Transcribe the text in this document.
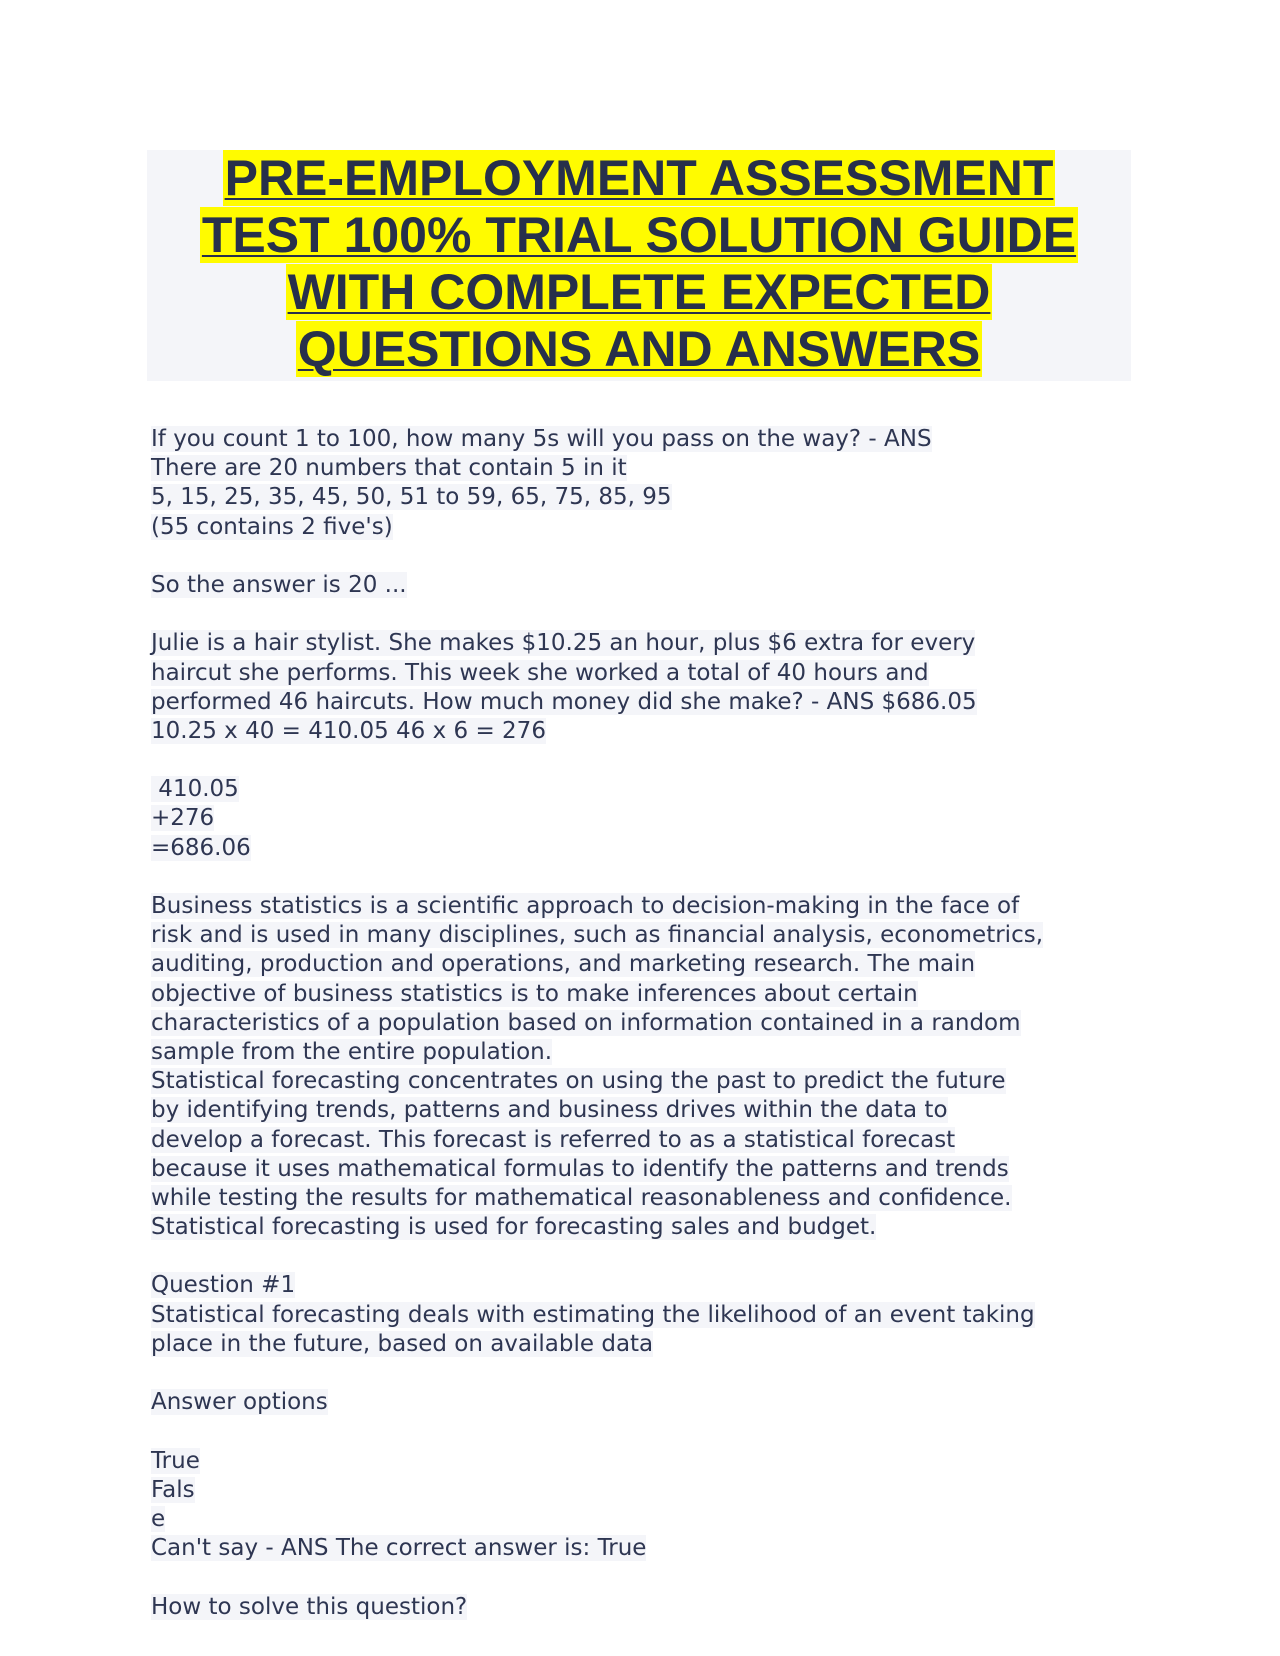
PRE-EMPLOYMENT ASSESSMENT
TEST 100% TRIAL SOLUTION GUIDE
WITH COMPLETE EXPECTED
QUESTIONS AND ANSWERS
If you count 1 to 100, how many 5s will you pass on the way? - ANS
There are 20 numbers that contain 5 in it
5, 15, 25, 35, 45, 50, 51 to 59, 65, 75, 85, 95
(55 contains 2 five's)
So the answer is 20 ...
Julie is a hair stylist. She makes $10.25 an hour, plus $6 extra for every
haircut she performs. This week she worked a total of 40 hours and
performed 46 haircuts. How much money did she make? - ANS $686.05
10.25 x 40 = 410.05 46 x 6 = 276
410.05
+276
=686.06
Business statistics is a scientific approach to decision-making in the face of
risk and is used in many disciplines, such as financial analysis, econometrics,
auditing, production and operations, and marketing research. The main
objective of business statistics is to make inferences about certain
characteristics of a population based on information contained in a random
sample from the entire population.
Statistical forecasting concentrates on using the past to predict the future
by identifying trends, patterns and business drives within the data to
develop a forecast. This forecast is referred to as a statistical forecast
because it uses mathematical formulas to identify the patterns and trends
while testing the results for mathematical reasonableness and confidence.
Statistical forecasting is used for forecasting sales and budget.
Question #1
Statistical forecasting deals with estimating the likelihood of an event taking
place in the future, based on available data
Answer options
True
Fals
e
Can't say - ANS The correct answer is: True
How to solve this question?
